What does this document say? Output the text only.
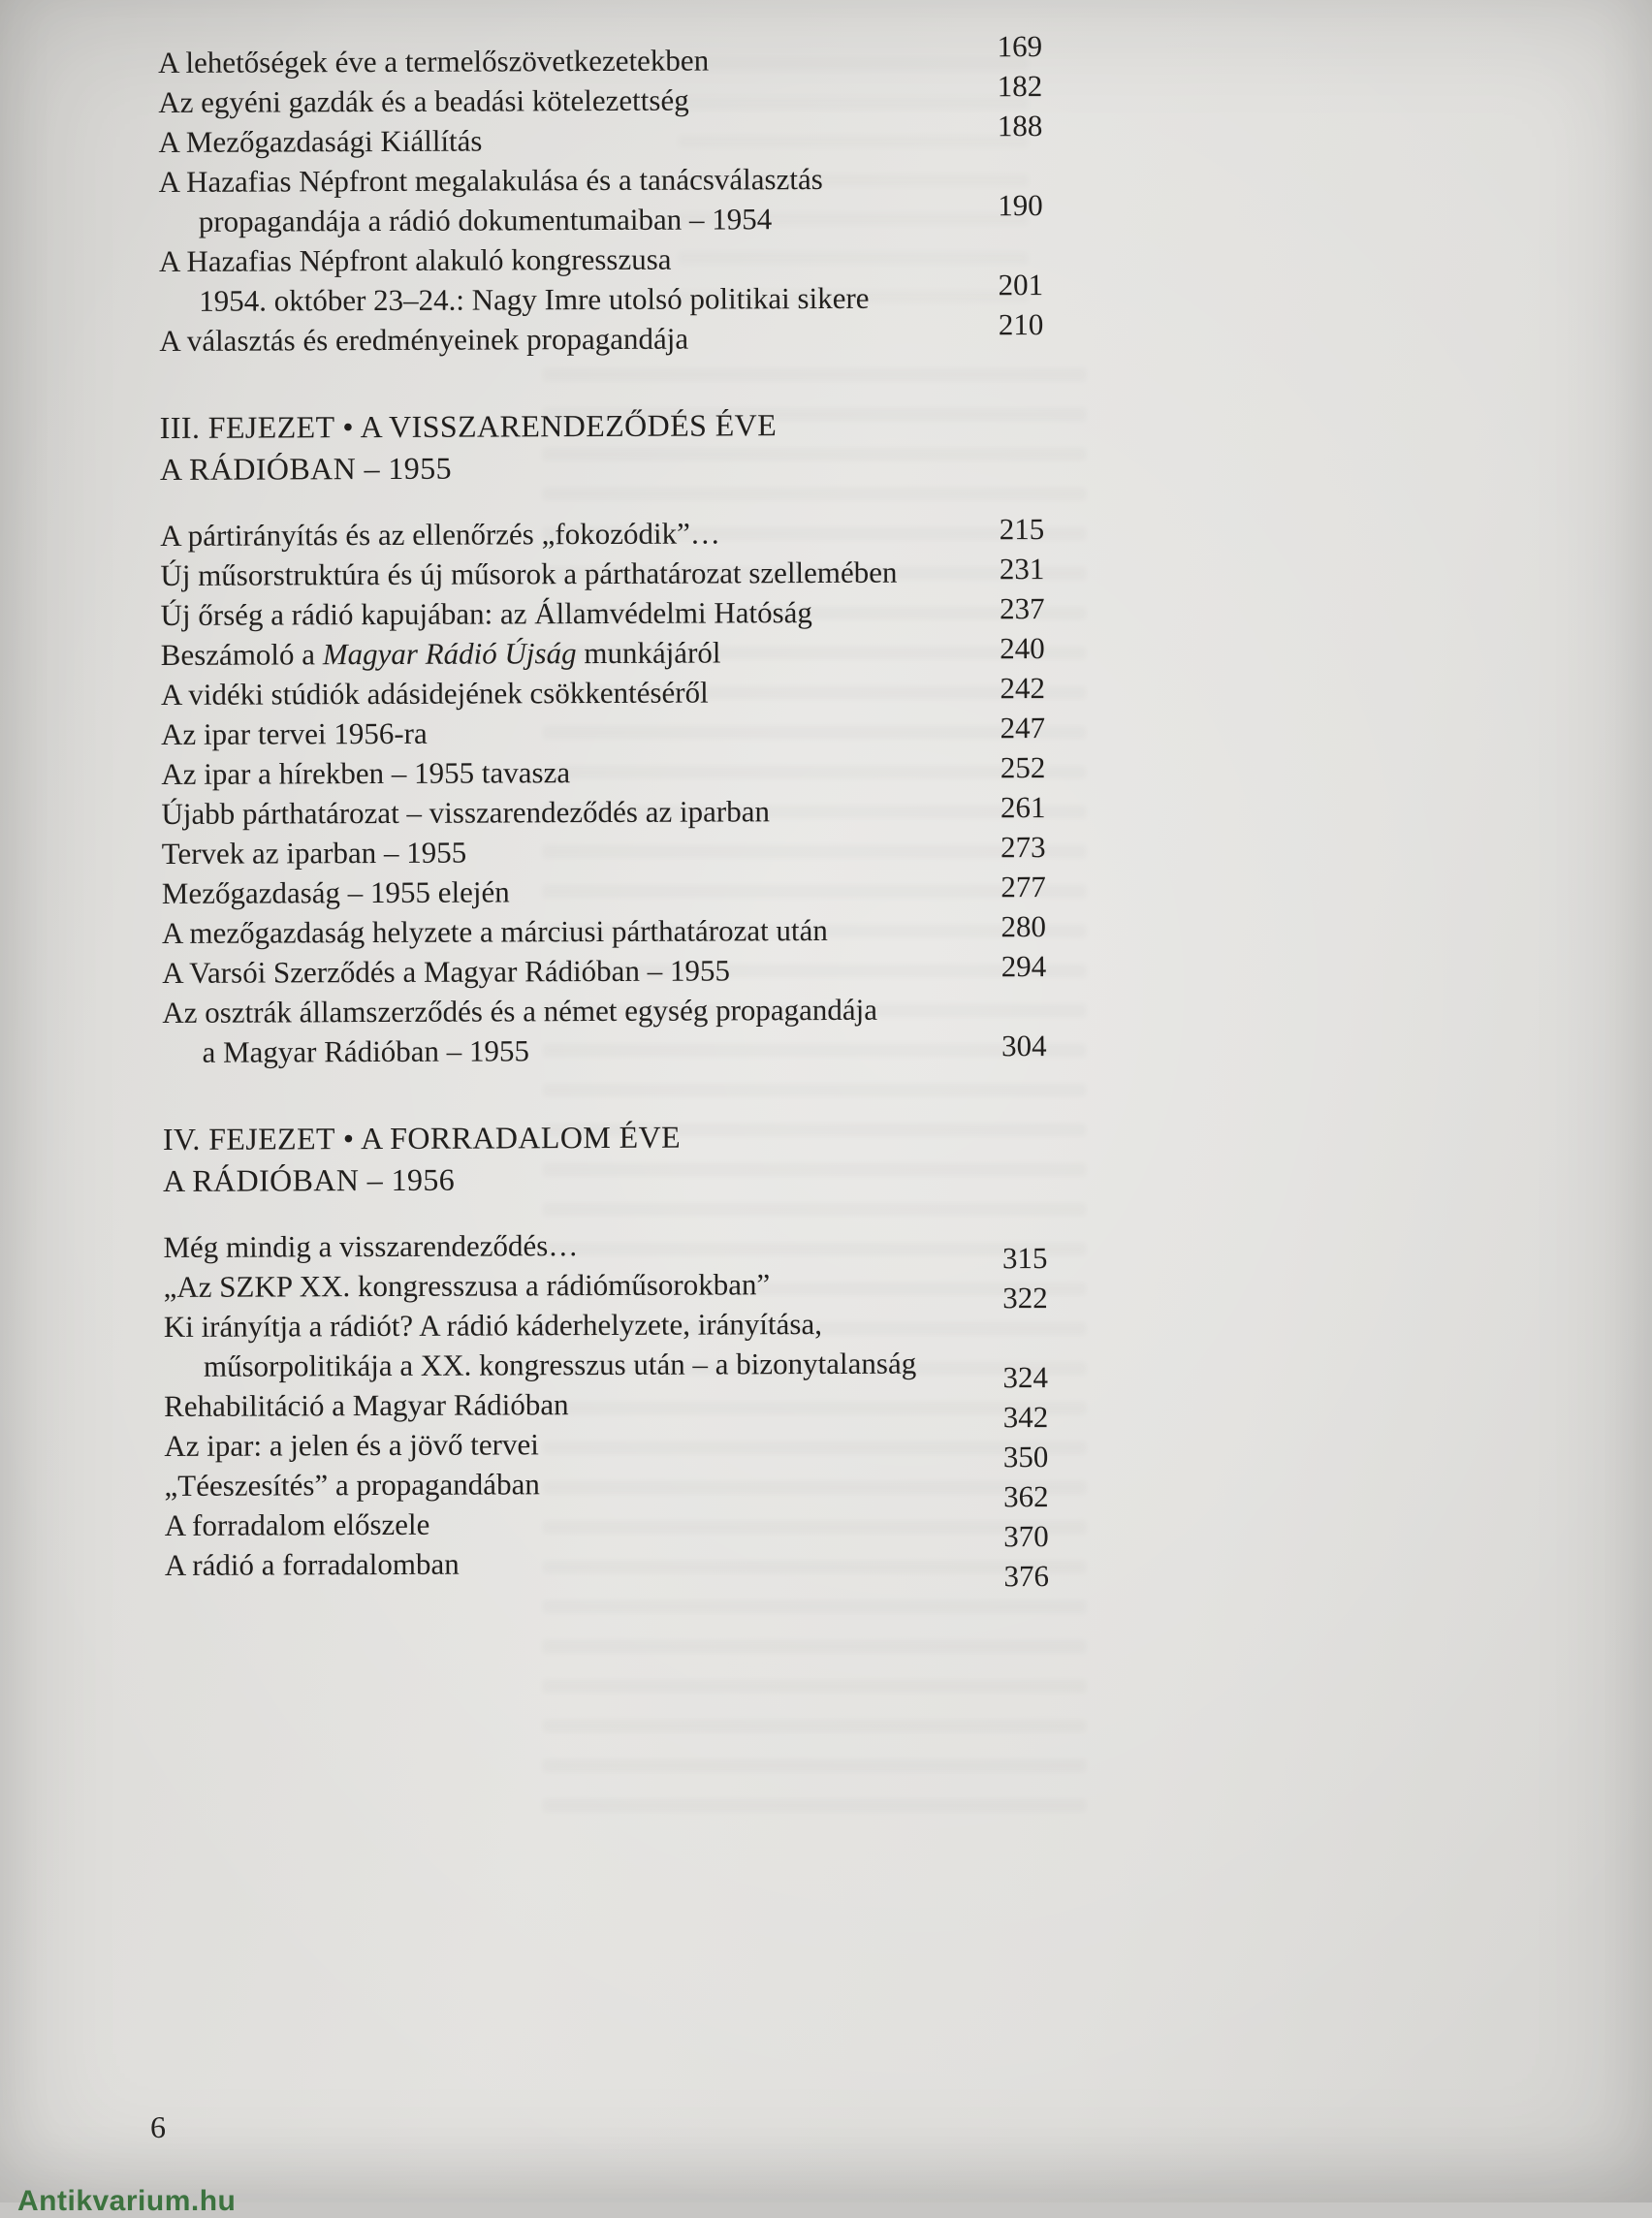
A lehetőségek éve a termelőszövetkezetekben	169
Az egyéni gazdák és a beadási kötelezettség	182
A Mezőgazdasági Kiállítás	188
A Hazafias Népfront megalakulása és a tanácsválasztás
propagandája a rádió dokumentumaiban – 1954	190
A Hazafias Népfront alakuló kongresszusa
1954. október 23–24.: Nagy Imre utolsó politikai sikere	201
A választás és eredményeinek propagandája	210
III. FEJEZET • A VISSZARENDEZŐDÉS ÉVE
A RÁDIÓBAN – 1955
A pártirányítás és az ellenőrzés „fokozódik”…	215
Új műsorstruktúra és új műsorok a párthatározat szellemében	231
Új őrség a rádió kapujában: az Államvédelmi Hatóság	237
Beszámoló a Magyar Rádió Újság munkájáról	240
A vidéki stúdiók adásidejének csökkentéséről	242
Az ipar tervei 1956-ra	247
Az ipar a hírekben – 1955 tavasza	252
Újabb párthatározat – visszarendeződés az iparban	261
Tervek az iparban – 1955	273
Mezőgazdaság – 1955 elején	277
A mezőgazdaság helyzete a márciusi párthatározat után	280
A Varsói Szerződés a Magyar Rádióban – 1955	294
Az osztrák államszerződés és a német egység propagandája
a Magyar Rádióban – 1955	304
IV. FEJEZET • A FORRADALOM ÉVE
A RÁDIÓBAN – 1956
Még mindig a visszarendeződés…	315
„Az SZKP XX. kongresszusa a rádióműsorokban”	322
Ki irányítja a rádiót? A rádió káderhelyzete, irányítása,
műsorpolitikája a XX. kongresszus után – a bizonytalanság	324
Rehabilitáció a Magyar Rádióban	342
Az ipar: a jelen és a jövő tervei	350
„Téeszesítés” a propagandában	362
A forradalom előszele	370
A rádió a forradalomban	376
6
Antikvarium.hu
